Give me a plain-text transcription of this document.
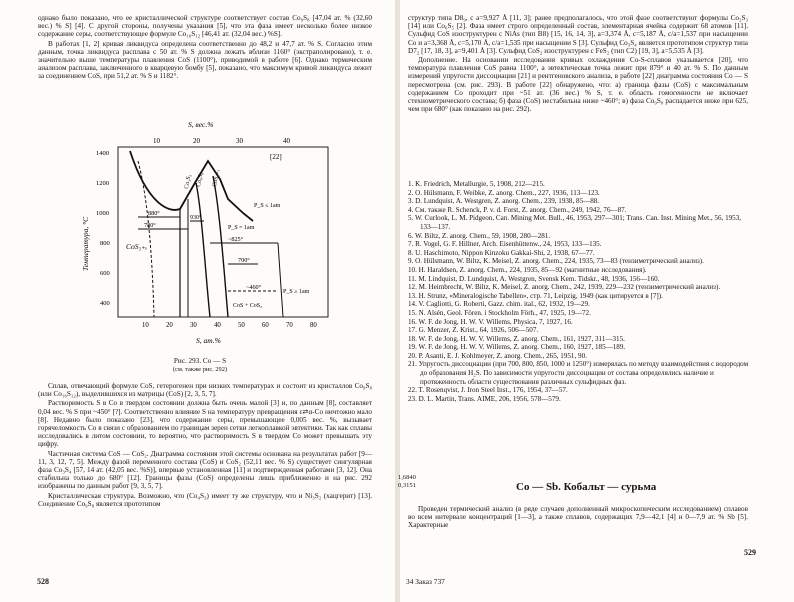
однако было показано, что ее кристаллической структуре соответствует состав Co₉S₈ [47,04 ат. % (32,60 вес.) % S] [4]. С другой стороны, получены указания [5], что эта фаза имеет несколько более низкое содержание серы, соответствующее формуле Co₁₆S₁₂ [46,41 ат. (32,04 вес.) %S].

В работах [1, 2] кривая ликвидуса определена соответственно до 48,2 и 47,7 ат. % S. Согласно этим данным, точка ликвидуса расплава с 50 ат. % S должна лежать вблизи 1160° (экстраполировано), т. е. значительно выше температуры плавления CoS (1100°), приводимой в работе [6]. Однако термическим анализом расплава, заключенного в кварцевую бомбу [5], показано, что максимум кривой ликвидуса лежит за соединением CoS, при 51,2 ат. % S и 1182°.

S, вес.%
10	20	30	40
[22]
1400
1200
1000
800
600
400
Температура, °С
880°
930°
780°
~825°
700°
~460°
CoS₃₊ₓ
Cо₃S₂ Co₉S₈ CoS₁₊ₓ
P_S = 1am
P_S ≤ 1am
P_S ≥ 1am
CoS + CoS₂
10	20	30	40	50	60	70	80
S, ат.%
Рис. 293. Co — S
(см. также рис. 292)

Сплав, отвечающий формуле CoS, гетерогенен при низких температурах и состоит из кристаллов Co₉S₈ (или Co₁₆S₁₂), выделившихся из матрицы (CoS) [2, 3, 5, 7].

Растворимость S в Co в твердом состоянии должна быть очень малой [3] и, по данным [8], составляет 0,04 вес. % S при ~450° [?]. Соответственно влияние S на температуру превращения ε⇄α-Co ничтожно мало [8]. Недавно было показано [23], что содержание серы, превышающее 0,005 вес. %, вызывает горячеломкость Co в связи с образованием по границам зерен сетки легкоплавкой эвтектики. Так как сплавы исследовались в литом состоянии, то вероятно, что растворимость S в твердом Co может превышать эту цифру.

Частичная система CoS — CoS₂. Диаграмма состояния этой системы основана на результатах работ [9—11, 3, 12, 7, 5]. Между фазой переменного состава (CoS) и CoS₂ (52,11 вес. % S) существует сингулярная фаза Co₃S₄ [57, 14 ат. (42,05 вес. %S)], впервые установленная [11] и подтвержденная работами [3, 12]. Она стабильна только до 680° [12]. Границы фазы (CoS) определены лишь приближенно и на рис. 292 изображены по данным работ [9, 3, 5, 7].

Кристаллическая структура. Возможно, что (Co₄S₃) имеет ту же структуру, что и Ni₃S₂ (хацгерит) [13]. Соединение Co₉S₈ является прототипом

528

структур типа D8₉, с a=9,927 Å [11, 3]; ранее предполагалось, что этой фазе соответствуют формулы Co₂S₃ [14] или Co₆S₅ [2]. Фаза имеет строго определенный состав, элементарная ячейка содержит 68 атомов [11]. Сульфид CoS изоструктурен с NiAs (тип B8) [15, 16, 14, 3], a=3,374 Å, c=5,187 Å, c/a=1,537 при насыщении Co и a=3,368 Å, c=5,170 Å, c/a=1,535 при насыщении S [3]. Сульфид Co₃S₄ является прототипом структур типа D7₂ [17, 18, 3], a=9,401 Å [3]. Сульфид CoS₂ изоструктурен с FeS₂ (тип C2) [19, 3], a=5,535 Å [3].

Дополнение. На основании исследования кривых охлаждения Co-S-сплавов указывается [20], что температура плавления CoS равна 1100°, а эвтектическая точка лежит при 879° и 40 ат. % S. По данным измерений упругости диссоциации [21] и рентгеновского анализа, в работе [22] диаграмма состояния Co — S пересмотрена (см. рис. 293). В работе [22] обнаружено, что: а) граница фазы (CoS) с максимальным содержанием Co проходит при ~51 ат. (36 вес.) % S, т. е. область гомогенности не включает стехиометрического состава; б) фаза (CoS) нестабильна ниже ~460°; в) фаза Co₉S₈ распадается ниже при 625, чем при 680° (как показано на рис. 292).

1. K. Friedrich, Metallurgie, 5, 1908, 212—215.
2. O. Hülsmann, F. Weibke, Z. anorg. Chem., 227, 1936, 113—123.
3. D. Lundquist, A. Westgren, Z. anorg. Chem., 239, 1938, 85—88.
4. См. также R. Schenck, P. v. d. Forst, Z. anorg. Chem., 249, 1942, 76—87.
5. W. Curlook, L. M. Pidgeon, Can. Mining Met. Bull., 46, 1953, 297—301; Trans. Can. Inst. Mining Met., 56, 1953, 133—137.
6. W. Biltz, Z. anorg. Chem., 59, 1908, 280—281.
7. R. Vogel, G. F. Hillner, Arch. Eisenhüttenw., 24, 1953, 133—135.
8. U. Haschimoto, Nippon Kinzoku Gakkai-Shi, 2, 1938, 67—77.
9. O. Hülsmann, W. Biltz, K. Meisel, Z. anorg. Chem., 224, 1935, 73—83 (тензиметрический анализ).
10. H. Haraldsen, Z. anorg. Chem., 224, 1935, 85—92 (магнитные исследования).
11. M. Lindquist, D. Lundquist, A. Westgren, Svensk Kem. Tidskr., 48, 1936, 156—160.
12. M. Heimbrecht, W. Biltz, K. Meisel, Z. anorg. Chem., 242, 1939, 229—232 (тензиметрический анализ).
13. H. Strunz, «Mineralogische Tabellen», стр. 71, Leipzig, 1949 (как цитируется в [7]).
14. V. Cagliotti, G. Roberti, Gazz. chim. ital., 62, 1932, 19—29.
15. N. Alsén, Geol. Fören. i Stockholm Förh., 47, 1925, 19—72.
16. W. F. de Jong, H. W. V. Willems, Physica, 7, 1927, 16.
17. G. Menzer, Z. Krist., 64, 1926, 506—507.
18. W. F. de Jong, H. W. V. Willems, Z. anorg. Chem., 161, 1927, 311—315.
19. W. F. de Jong, H. W. V. Willems, Z. anorg. Chem., 160, 1927, 185—189.
20. P. Asanti, E. J. Kohlmeyer, Z. anorg. Chem., 265, 1951, 90.
21. Упругость диссоциации (при 700, 800, 850, 1000 и 1250°) измерялась по методу взаимодействия с водородом до образования H₂S. По зависимости упругости диссоциации от состава определялись наличие и протяженность области существования различных сульфидных фаз.
22. T. Rosenqvist, J. Iron Steel Inst., 176, 1954, 37—57.
23. D. L. Martin, Trans. AIME, 206, 1956, 578—579.
1,6840
0,3151	Co — Sb. Кобальт — сурьма

Проведен термический анализ (в ряде случаев дополненный микроскопическим исследованием) сплавов во всем интервале концентраций [1—3], а также сплавов, содержащих 7,9—42,1 [4] и 0—7,9 ат. % Sb [5]. Характерные

34 Заказ 737
529
